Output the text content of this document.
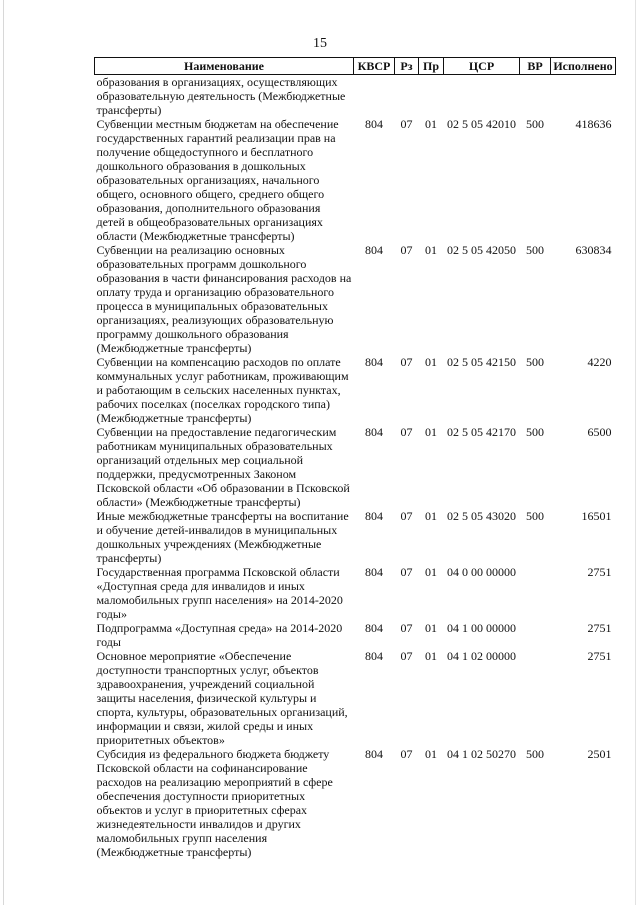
15
Наименование	КВСР	Рз	Пр	ЦСР	ВР	Исполнено
образования в организациях, осуществляющих образовательную деятельность (Межбюджетные трансферты)						
Субвенции местным бюджетам на обеспечение государственных гарантий реализации прав на получение общедоступного и бесплатного дошкольного образования в дошкольных образовательных организациях, начального общего, основного общего, среднего общего образования, дополнительного образования детей в общеобразовательных организациях области (Межбюджетные трансферты)	804	07	01	02 5 05 42010	500	418636
Субвенции на реализацию основных образовательных программ дошкольного образования в части финансирования расходов на оплату труда и организацию образовательного процесса в муниципальных образовательных организациях, реализующих образовательную программу дошкольного образования (Межбюджетные трансферты)	804	07	01	02 5 05 42050	500	630834
Субвенции на компенсацию расходов по оплате коммунальных услуг работникам, проживающим и работающим в сельских населенных пунктах, рабочих поселках (поселках городского типа) (Межбюджетные трансферты)	804	07	01	02 5 05 42150	500	4220
Субвенции на предоставление педагогическим работникам муниципальных образовательных организаций отдельных мер социальной поддержки, предусмотренных Законом Псковской области «Об образовании в Псковской области» (Межбюджетные трансферты)	804	07	01	02 5 05 42170	500	6500
Иные межбюджетные трансферты на воспитание и обучение детей-инвалидов в муниципальных дошкольных учреждениях (Межбюджетные трансферты)	804	07	01	02 5 05 43020	500	16501
Государственная программа Псковской области «Доступная среда для инвалидов и иных маломобильных групп населения» на 2014-2020 годы»	804	07	01	04 0 00 00000		2751
Подпрограмма «Доступная среда» на 2014-2020 годы	804	07	01	04 1 00 00000		2751
Основное мероприятие «Обеспечение доступности транспортных услуг, объектов здравоохранения, учреждений социальной защиты населения, физической культуры и спорта, культуры, образовательных организаций, информации и связи, жилой среды и иных приоритетных объектов»	804	07	01	04 1 02 00000		2751
Субсидия из федерального бюджета бюджету Псковской области на софинансирование расходов на реализацию мероприятий в сфере обеспечения доступности приоритетных объектов и услуг в приоритетных сферах жизнедеятельности инвалидов и других маломобильных групп населения (Межбюджетные трансферты)	804	07	01	04 1 02 50270	500	2501
